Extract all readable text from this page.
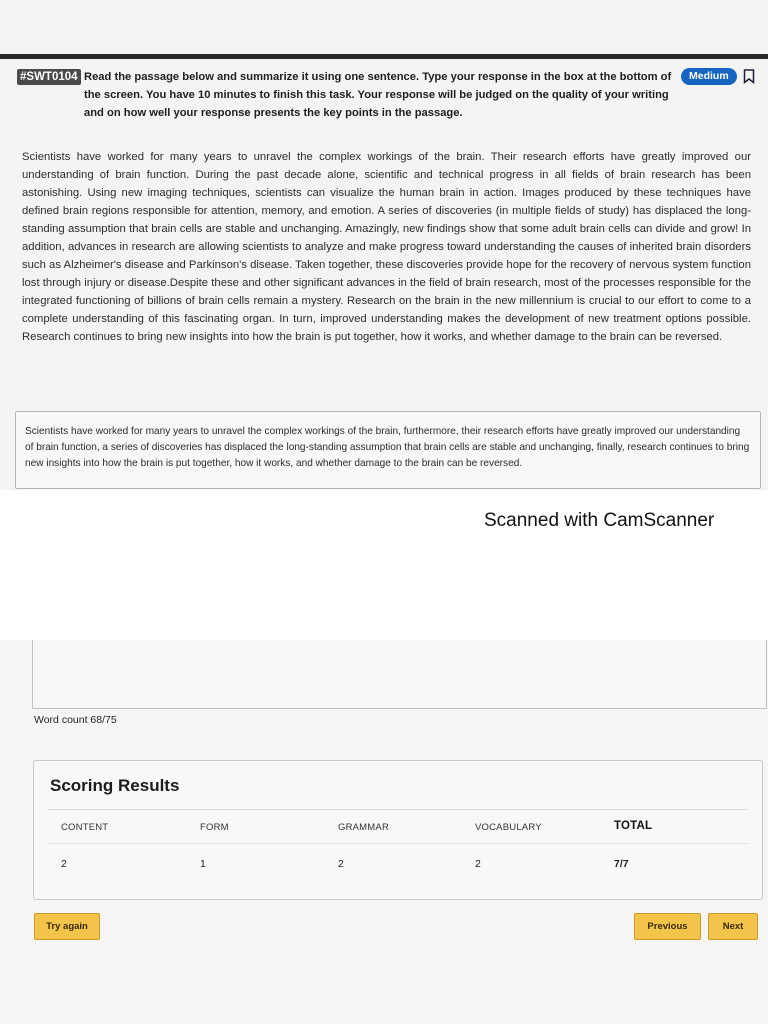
#SWT0104 Read the passage below and summarize it using one sentence. Type your response in the box at the bottom of the screen. You have 10 minutes to finish this task. Your response will be judged on the quality of your writing and on how well your response presents the key points in the passage.
Medium
Scientists have worked for many years to unravel the complex workings of the brain. Their research efforts have greatly improved our understanding of brain function. During the past decade alone, scientific and technical progress in all fields of brain research has been astonishing. Using new imaging techniques, scientists can visualize the human brain in action. Images produced by these techniques have defined brain regions responsible for attention, memory, and emotion. A series of discoveries (in multiple fields of study) has displaced the long-standing assumption that brain cells are stable and unchanging. Amazingly, new findings show that some adult brain cells can divide and grow! In addition, advances in research are allowing scientists to analyze and make progress toward understanding the causes of inherited brain disorders such as Alzheimer's disease and Parkinson's disease. Taken together, these discoveries provide hope for the recovery of nervous system function lost through injury or disease.Despite these and other significant advances in the field of brain research, most of the processes responsible for the integrated functioning of billions of brain cells remain a mystery. Research on the brain in the new millennium is crucial to our effort to come to a complete understanding of this fascinating organ. In turn, improved understanding makes the development of new treatment options possible. Research continues to bring new insights into how the brain is put together, how it works, and whether damage to the brain can be reversed.
Scientists have worked for many years to unravel the complex workings of the brain, furthermore, their research efforts have greatly improved our understanding of brain function, a series of discoveries has displaced the long-standing assumption that brain cells are stable and unchanging, finally, research continues to bring new insights into how the brain is put together, how it works, and whether damage to the brain can be reversed.
Scanned with CamScanner
Word count 68/75
Scoring Results
CONTENT	FORM	GRAMMAR	VOCABULARY	TOTAL
2	1	2	2	7/7
Try again	Previous	Next
